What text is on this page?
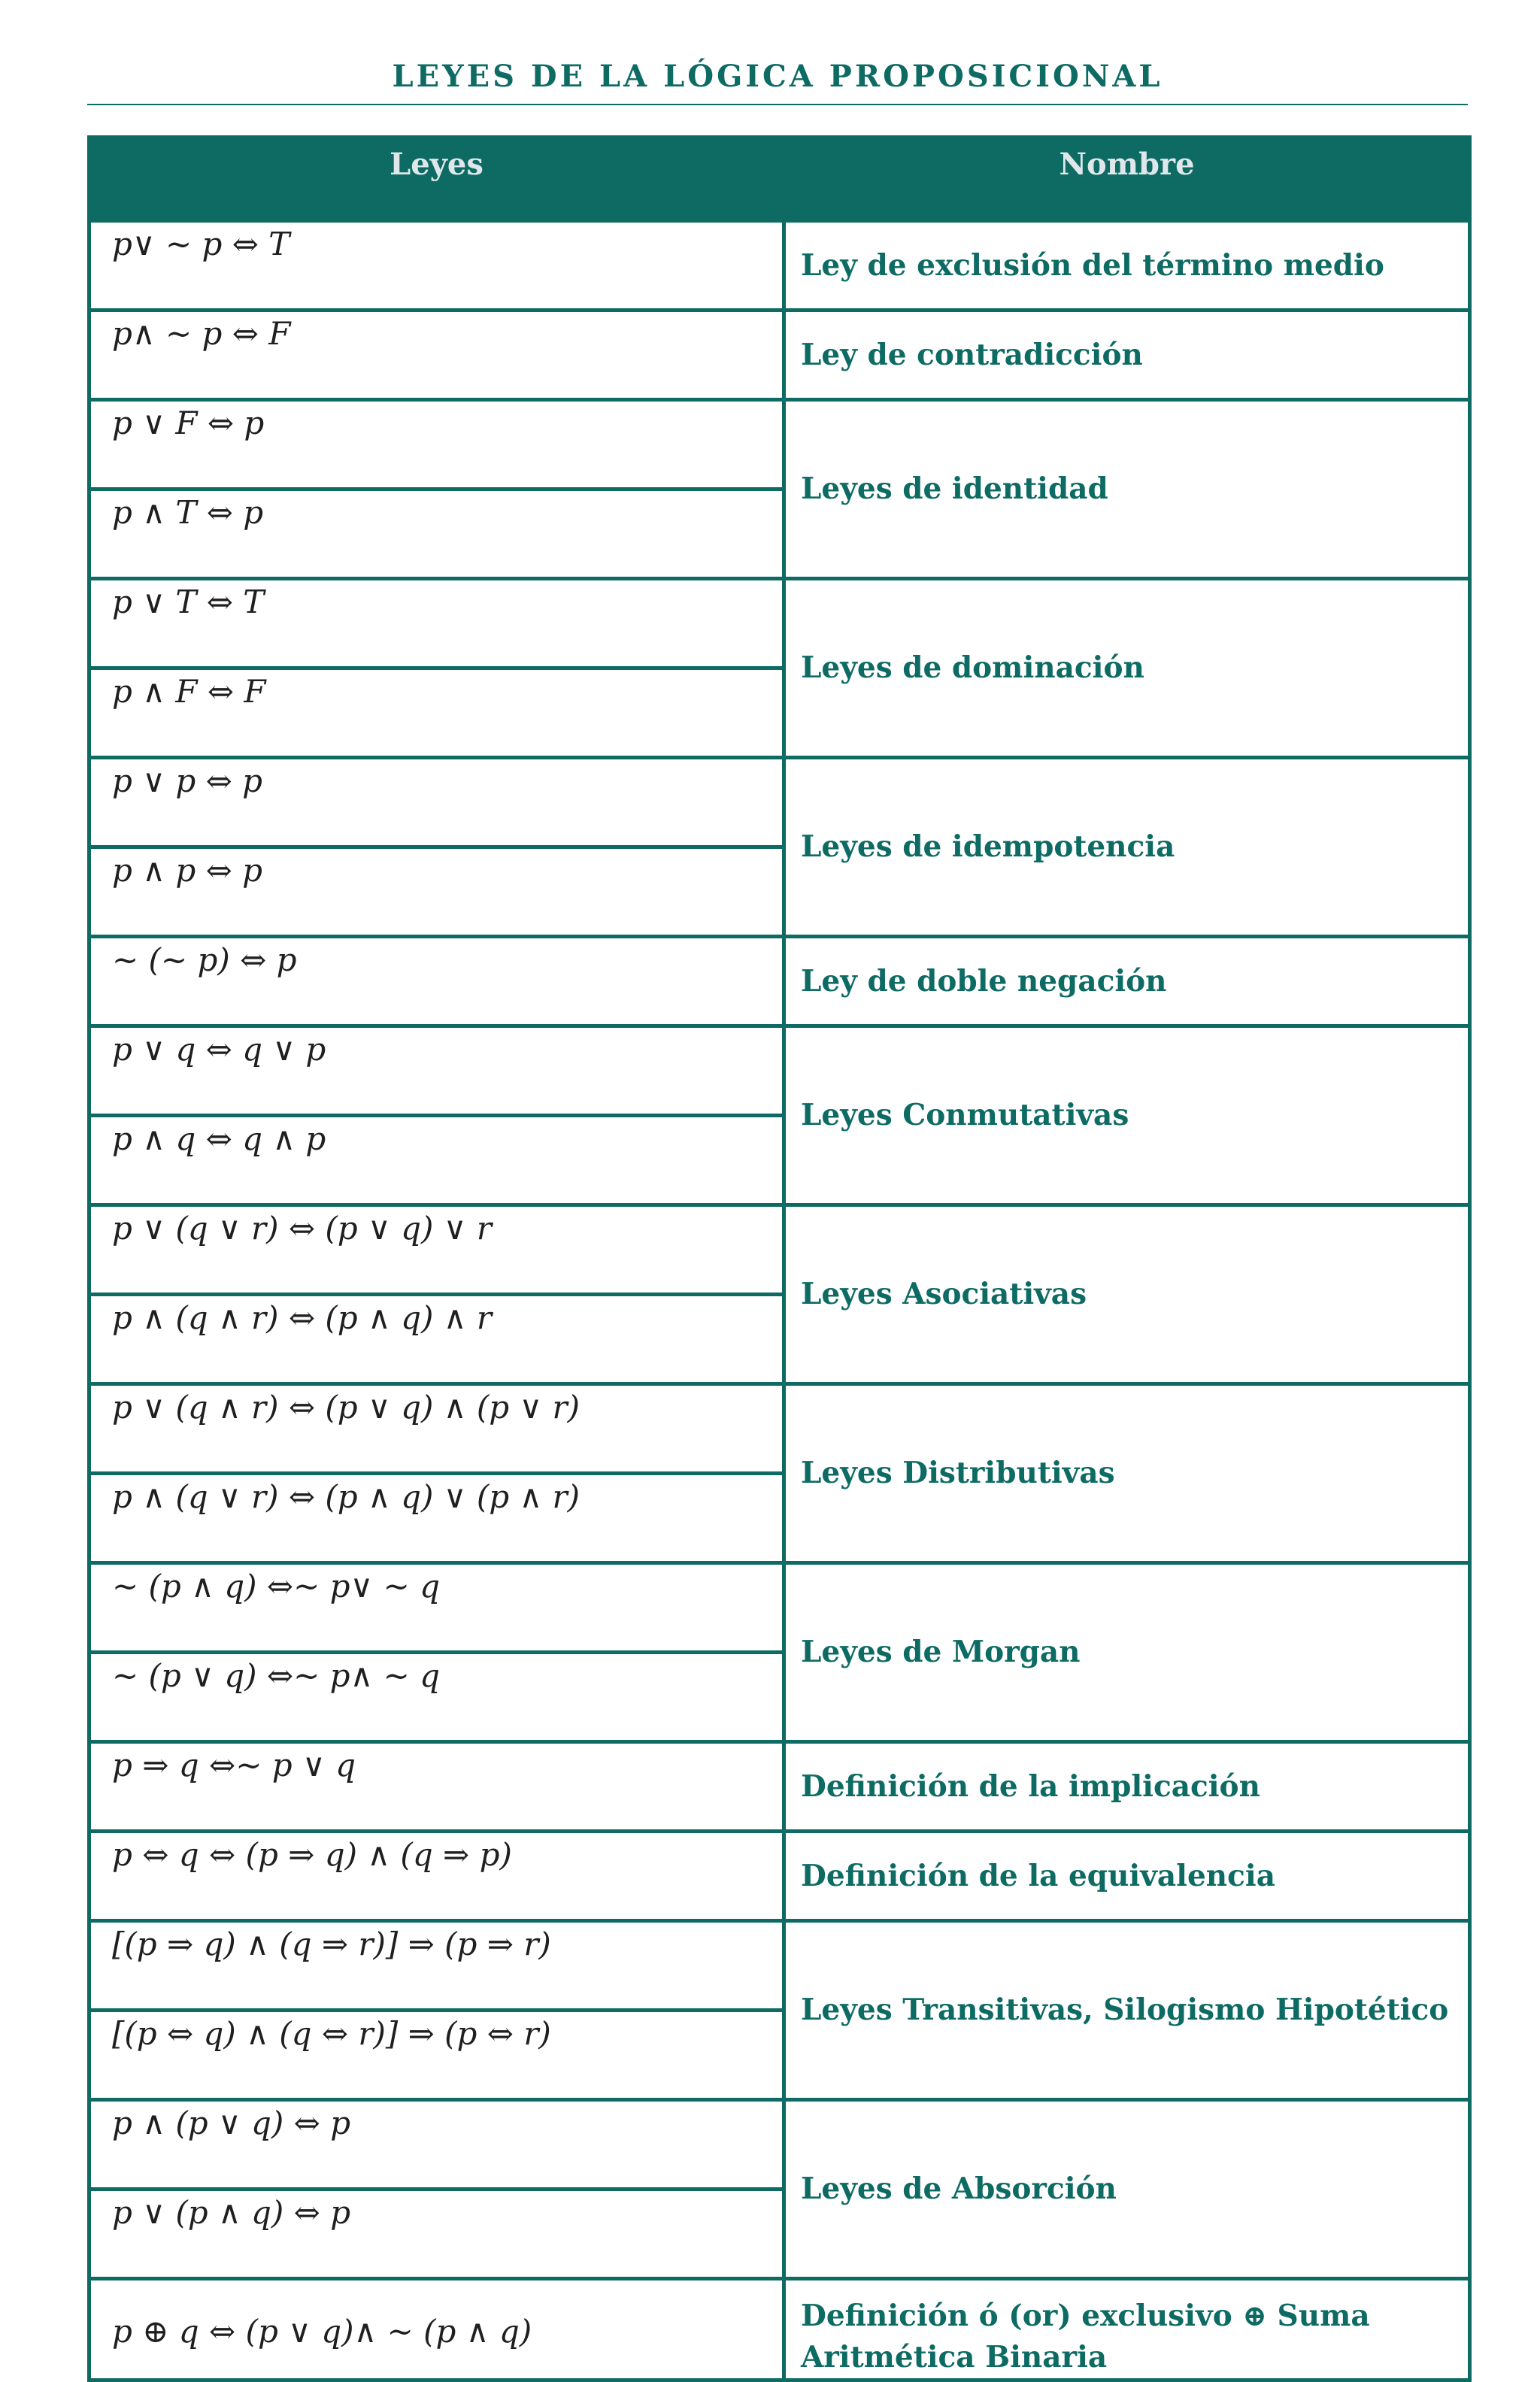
LEYES DE LA LÓGICA PROPOSICIONAL
Leyes	Nombre

p∨ ~ p ⇔ T	Ley de exclusión del término medio

p∧ ~ p ⇔ F	Ley de contradicción

p ∨ F ⇔ p	Leyes de identidad

p ∧ T ⇔ p	

p ∨ T ⇔ T	Leyes de dominación

p ∧ F ⇔ F	

p ∨ p ⇔ p	Leyes de idempotencia

p ∧ p ⇔ p	

~ (~ p) ⇔ p	Ley de doble negación

p ∨ q ⇔ q ∨ p	Leyes Conmutativas

p ∧ q ⇔ q ∧ p	

p ∨ (q ∨ r) ⇔ (p ∨ q) ∨ r	Leyes Asociativas

p ∧ (q ∧ r) ⇔ (p ∧ q) ∧ r	

p ∨ (q ∧ r) ⇔ (p ∨ q) ∧ (p ∨ r)	Leyes Distributivas

p ∧ (q ∨ r) ⇔ (p ∧ q) ∨ (p ∧ r)	

~ (p ∧ q) ⇔~ p∨ ~ q	Leyes de Morgan

~ (p ∨ q) ⇔~ p∧ ~ q	

p ⇒ q ⇔~ p ∨ q	Definición de la implicación

p ⇔ q ⇔ (p ⇒ q) ∧ (q ⇒ p)	Definición de la equivalencia

[(p ⇒ q) ∧ (q ⇒ r)] ⇒ (p ⇒ r)	Leyes Transitivas, Silogismo Hipotético

[(p ⇔ q) ∧ (q ⇔ r)] ⇒ (p ⇔ r)	

p ∧ (p ∨ q) ⇔ p	Leyes de Absorción

p ∨ (p ∧ q) ⇔ p	

p ⊕ q ⇔ (p ∨ q)∧ ~ (p ∧ q)	Definición ó (or) exclusivo ⊕ Suma Aritmética Binaria
